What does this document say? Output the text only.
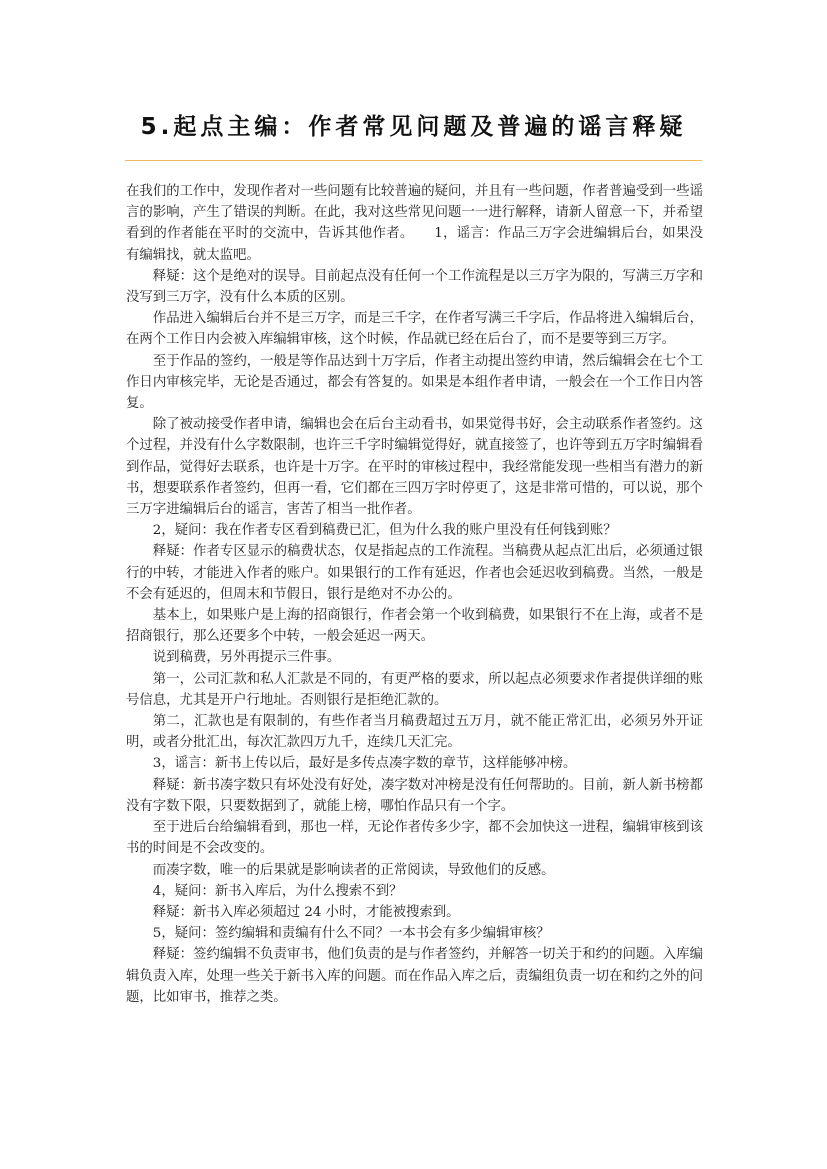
5.起点主编：作者常见问题及普遍的谣言释疑

在我们的工作中，发现作者对一些问题有比较普遍的疑问，并且有一些问题，作者普遍受到一些谣言的影响，产生了错误的判断。在此，我对这些常见问题一一进行解释，请新人留意一下，并希望看到的作者能在平时的交流中，告诉其他作者。　　1，谣言：作品三万字会进编辑后台，如果没有编辑找，就太监吧。

释疑：这个是绝对的误导。目前起点没有任何一个工作流程是以三万字为限的，写满三万字和没写到三万字，没有什么本质的区别。

作品进入编辑后台并不是三万字，而是三千字，在作者写满三千字后，作品将进入编辑后台，在两个工作日内会被入库编辑审核，这个时候，作品就已经在后台了，而不是要等到三万字。

至于作品的签约，一般是等作品达到十万字后，作者主动提出签约申请，然后编辑会在七个工作日内审核完毕，无论是否通过，都会有答复的。如果是本组作者申请，一般会在一个工作日内答复。

除了被动接受作者申请，编辑也会在后台主动看书，如果觉得书好，会主动联系作者签约。这个过程，并没有什么字数限制，也许三千字时编辑觉得好，就直接签了，也许等到五万字时编辑看到作品，觉得好去联系，也许是十万字。在平时的审核过程中，我经常能发现一些相当有潜力的新书，想要联系作者签约，但再一看，它们都在三四万字时停更了，这是非常可惜的，可以说，那个三万字进编辑后台的谣言，害苦了相当一批作者。

2，疑问：我在作者专区看到稿费已汇，但为什么我的账户里没有任何钱到账？

释疑：作者专区显示的稿费状态，仅是指起点的工作流程。当稿费从起点汇出后，必须通过银行的中转，才能进入作者的账户。如果银行的工作有延迟，作者也会延迟收到稿费。当然，一般是不会有延迟的，但周末和节假日，银行是绝对不办公的。

基本上，如果账户是上海的招商银行，作者会第一个收到稿费，如果银行不在上海，或者不是招商银行，那么还要多个中转，一般会延迟一两天。

说到稿费，另外再提示三件事。

第一，公司汇款和私人汇款是不同的，有更严格的要求，所以起点必须要求作者提供详细的账号信息，尤其是开户行地址。否则银行是拒绝汇款的。

第二，汇款也是有限制的，有些作者当月稿费超过五万月，就不能正常汇出，必须另外开证明，或者分批汇出，每次汇款四万九千，连续几天汇完。

3，谣言：新书上传以后，最好是多传点凑字数的章节，这样能够冲榜。

释疑：新书凑字数只有坏处没有好处，凑字数对冲榜是没有任何帮助的。目前，新人新书榜都没有字数下限，只要数据到了，就能上榜，哪怕作品只有一个字。

至于进后台给编辑看到，那也一样，无论作者传多少字，都不会加快这一进程，编辑审核到该书的时间是不会改变的。

而凑字数，唯一的后果就是影响读者的正常阅读，导致他们的反感。

4，疑问：新书入库后，为什么搜索不到？

释疑：新书入库必须超过 24 小时，才能被搜索到。

5，疑问：签约编辑和责编有什么不同？一本书会有多少编辑审核？

释疑：签约编辑不负责审书，他们负责的是与作者签约，并解答一切关于和约的问题。入库编辑负责入库，处理一些关于新书入库的问题。而在作品入库之后，责编组负责一切在和约之外的问题，比如审书，推荐之类。
